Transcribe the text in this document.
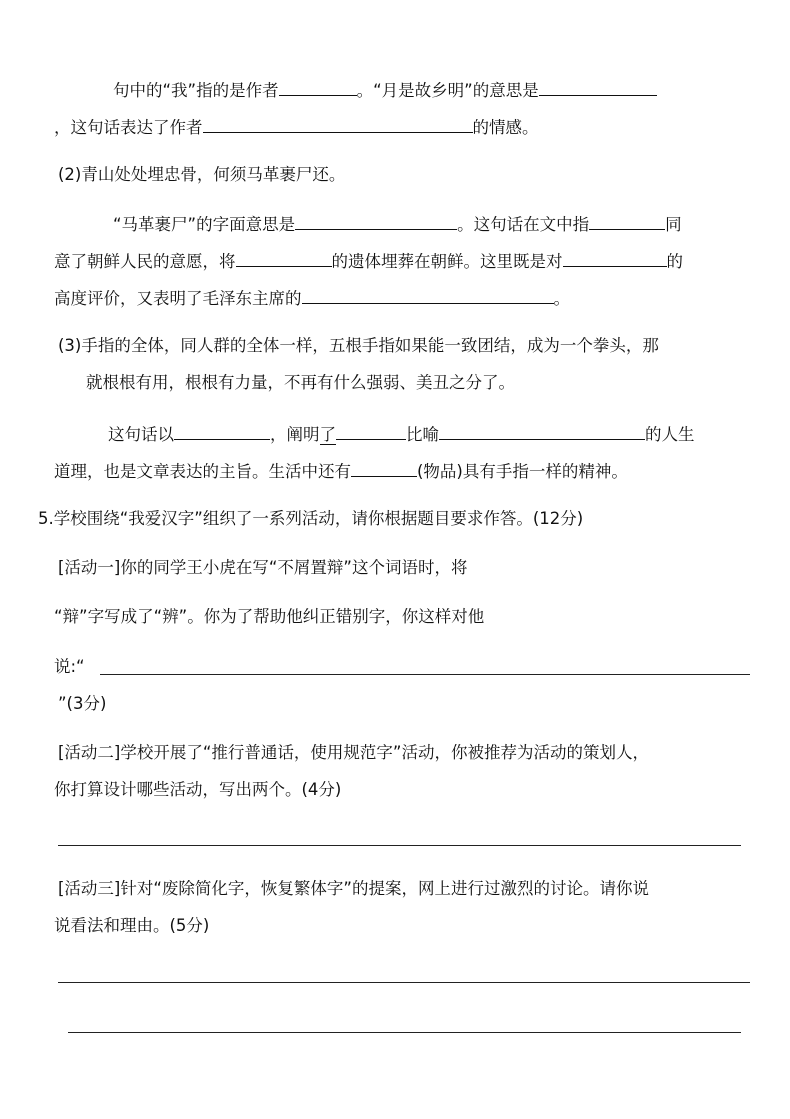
句中的“我”指的是作者	。“月是故乡明”的意思是
，这句话表达了作者	的情感。
(2)青山处处埋忠骨，何须马革裹尸还。
“马革裹尸”的字面意思是	。这句话在文中指	同
意了朝鲜人民的意愿，将	的遗体埋葬在朝鲜。这里既是对	的
高度评价，又表明了毛泽东主席的	。
(3)手指的全体，同人群的全体一样，五根手指如果能一致团结，成为一个拳头，那
就根根有用，根根有力量，不再有什么强弱、美丑之分了。
这句话以	，阐明了	比喻	的人生
道理，也是文章表达的主旨。生活中还有	(物品)具有手指一样的精神。
5.学校围绕“我爱汉字”组织了一系列活动，请你根据题目要求作答。(12分)
[活动一]你的同学王小虎在写“不屑置辩”这个词语时，将
“辩”字写成了“辨”。你为了帮助他纠正错别字，你这样对他
说:“
”(3分)
[活动二]学校开展了“推行普通话，使用规范字”活动，你被推荐为活动的策划人，
你打算设计哪些活动，写出两个。(4分)
[活动三]针对“废除简化字，恢复繁体字”的提案，网上进行过激烈的讨论。请你说
说看法和理由。(5分)
